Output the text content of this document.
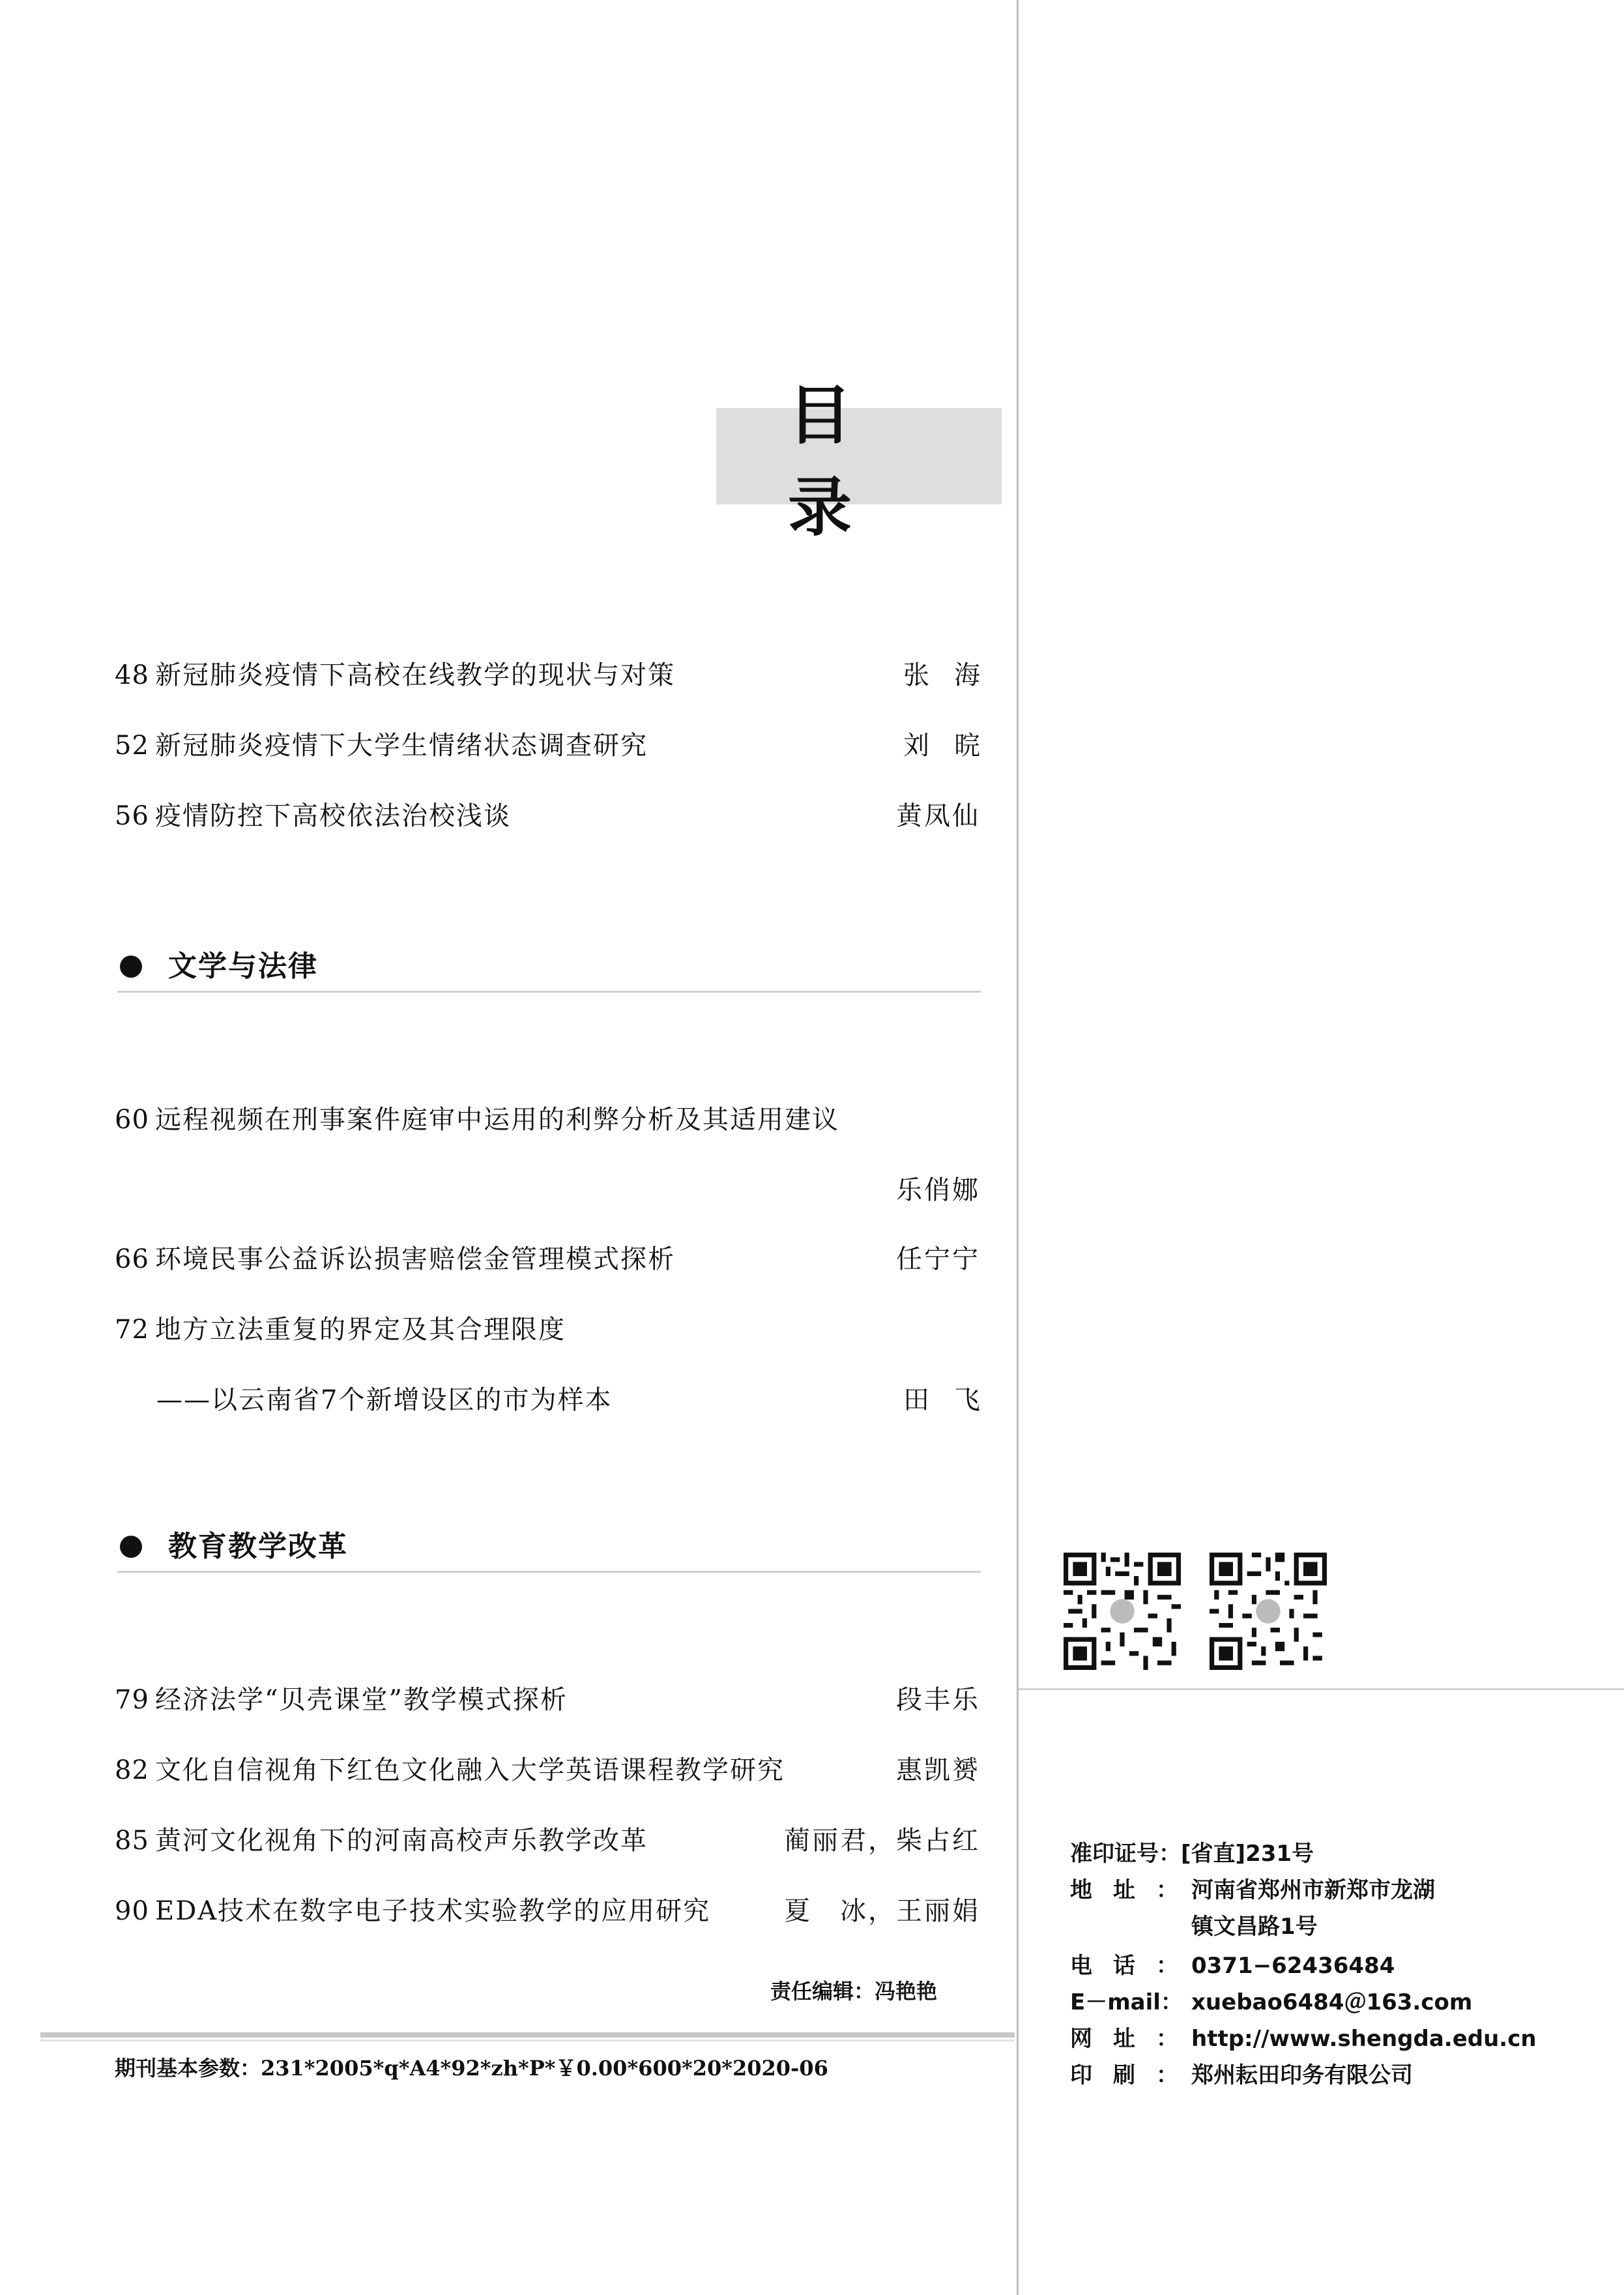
目 录
48 新冠肺炎疫情下高校在线教学的现状与对策	张海
52 新冠肺炎疫情下大学生情绪状态调查研究	刘晥
56 疫情防控下高校依法治校浅谈	黄凤仙
文学与法律
60 远程视频在刑事案件庭审中运用的利弊分析及其适用建议
乐俏娜
66 环境民事公益诉讼损害赔偿金管理模式探析	任宁宁
72 地方立法重复的界定及其合理限度
——以云南省7个新增设区的市为样本	田飞
教育教学改革
79 经济法学“贝壳课堂”教学模式探析	段丰乐
82 文化自信视角下红色文化融入大学英语课程教学研究	惠凯赟
85 黄河文化视角下的河南高校声乐教学改革	蔺丽君，柴占红
90 EDA技术在数字电子技术实验教学的应用研究	夏　冰，王丽娟
责任编辑：冯艳艳
期刊基本参数：231*2005*q*A4*92*zh*P*￥0.00*600*20*2020-06
准印证号：[省直]231号
地址：河南省郑州市新郑市龙湖
镇文昌路1号
电话：0371−62436484
E－mail： xuebao6484＠163.com
网址：http://www.shengda.edu.cn
印刷：郑州耘田印务有限公司
